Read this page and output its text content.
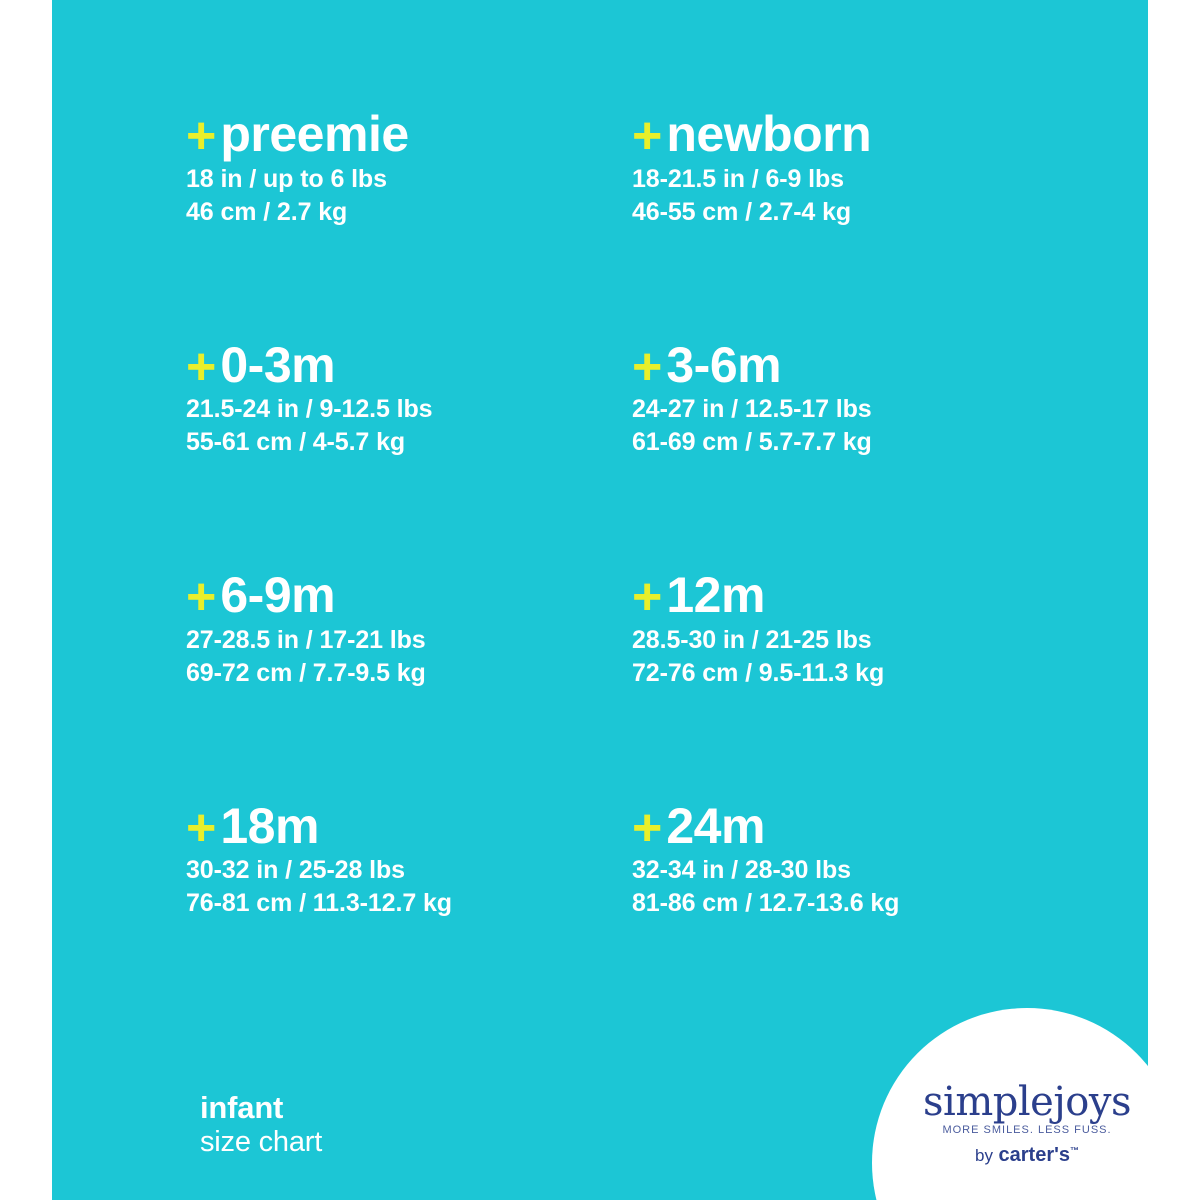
+ preemie
18 in / up to 6 lbs
46 cm / 2.7 kg
+ newborn
18-21.5 in / 6-9 lbs
46-55 cm / 2.7-4 kg
+ 0-3m
21.5-24 in / 9-12.5 lbs
55-61 cm / 4-5.7 kg
+ 3-6m
24-27 in / 12.5-17 lbs
61-69 cm / 5.7-7.7 kg
+ 6-9m
27-28.5 in / 17-21 lbs
69-72 cm / 7.7-9.5 kg
+ 12m
28.5-30 in / 21-25 lbs
72-76 cm / 9.5-11.3 kg
+ 18m
30-32 in / 25-28 lbs
76-81 cm / 11.3-12.7 kg
+ 24m
32-34 in / 28-30 lbs
81-86 cm / 12.7-13.6 kg
infant
size chart
simplejoys
MORE SMILES. LESS FUSS.
by carter's™
